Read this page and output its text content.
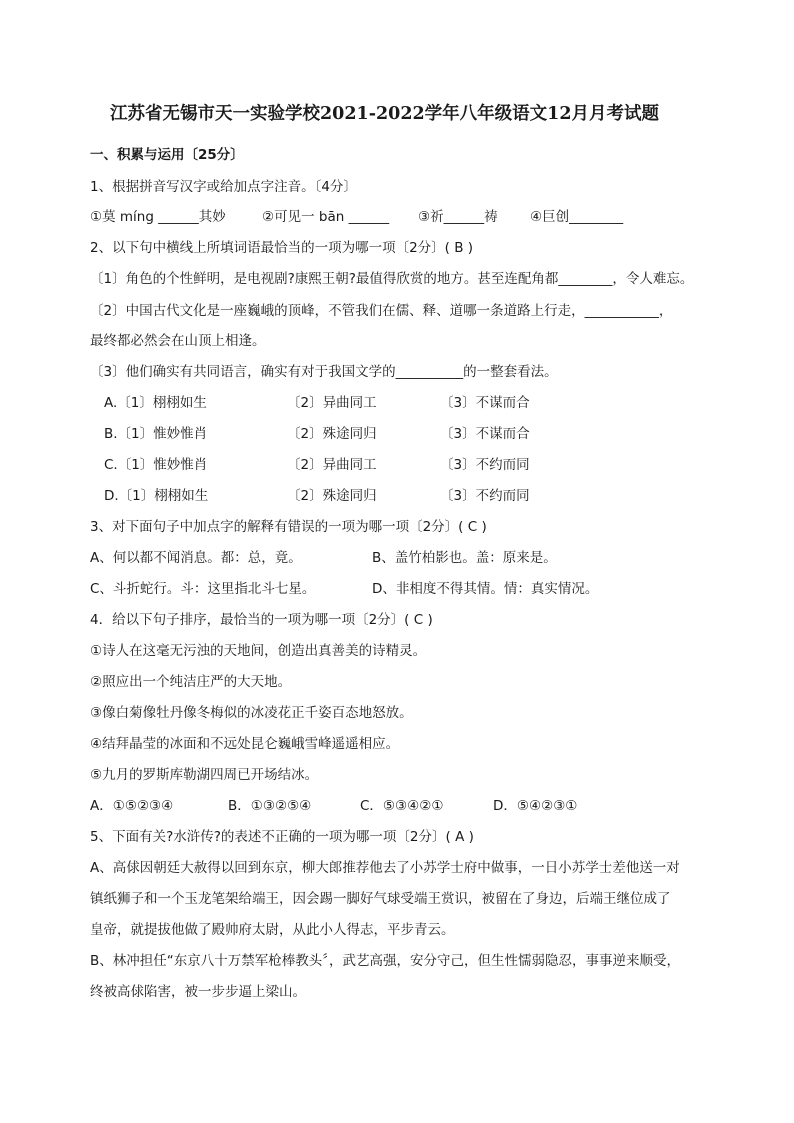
江苏省无锡市天一实验学校2021-2022学年八年级语文12月月考试题
一、积累与运用〔25分〕
1、根据拼音写汉字或给加点字注音。〔4分〕
①莫 míng ______其妙	②可见一 bān ______ ③祈______祷 ④巨创________
2、以下句中横线上所填词语最恰当的一项为哪一项〔2分〕( B )
〔1〕角色的个性鲜明，是电视剧?康熙王朝?最值得欣赏的地方。甚至连配角都________，令人难忘。
〔2〕中国古代文化是一座巍峨的顶峰，不管我们在儒、释、道哪一条道路上行走，___________，
最终都必然会在山顶上相逢。
〔3〕他们确实有共同语言，确实有对于我国文学的__________的一整套看法。
A.〔1〕栩栩如生	〔2〕异曲同工	〔3〕不谋而合
B.〔1〕惟妙惟肖	〔2〕殊途同归	〔3〕不谋而合
C.〔1〕惟妙惟肖	〔2〕异曲同工	〔3〕不约而同
D.〔1〕栩栩如生	〔2〕殊途同归	〔3〕不约而同
3、对下面句子中加点字的解释有错误的一项为哪一项〔2分〕( C )
A、何以都不闻消息。都：总，竟。	B、盖竹柏影也。盖：原来是。
C、斗折蛇行。斗：这里指北斗七星。	D、非相度不得其情。情：真实情况。
4．给以下句子排序，最恰当的一项为哪一项〔2分〕( C )
①诗人在这毫无污浊的天地间，创造出真善美的诗精灵。
②照应出一个纯洁庄严的大天地。
③像白菊像牡丹像冬梅似的冰凌花正千姿百态地怒放。
④结拜晶莹的冰面和不远处昆仑巍峨雪峰遥遥相应。
⑤九月的罗斯库勒湖四周已开场结冰。
A．①⑤②③④	B．①③②⑤④	C．⑤③④②①	D．⑤④②③①
5、下面有关?水浒传?的表述不正确的一项为哪一项〔2分〕( A )
A、高俅因朝廷大赦得以回到东京，柳大郎推荐他去了小苏学士府中做事，一日小苏学士差他送一对
镇纸狮子和一个玉龙笔架给端王，因会踢一脚好气球受端王赏识，被留在了身边，后端王继位成了
皇帝，就提拔他做了殿帅府太尉，从此小人得志，平步青云。
B、林冲担任“东京八十万禁军枪棒教头〞，武艺高强，安分守己，但生性懦弱隐忍，事事逆来顺受，
终被高俅陷害，被一步步逼上梁山。
